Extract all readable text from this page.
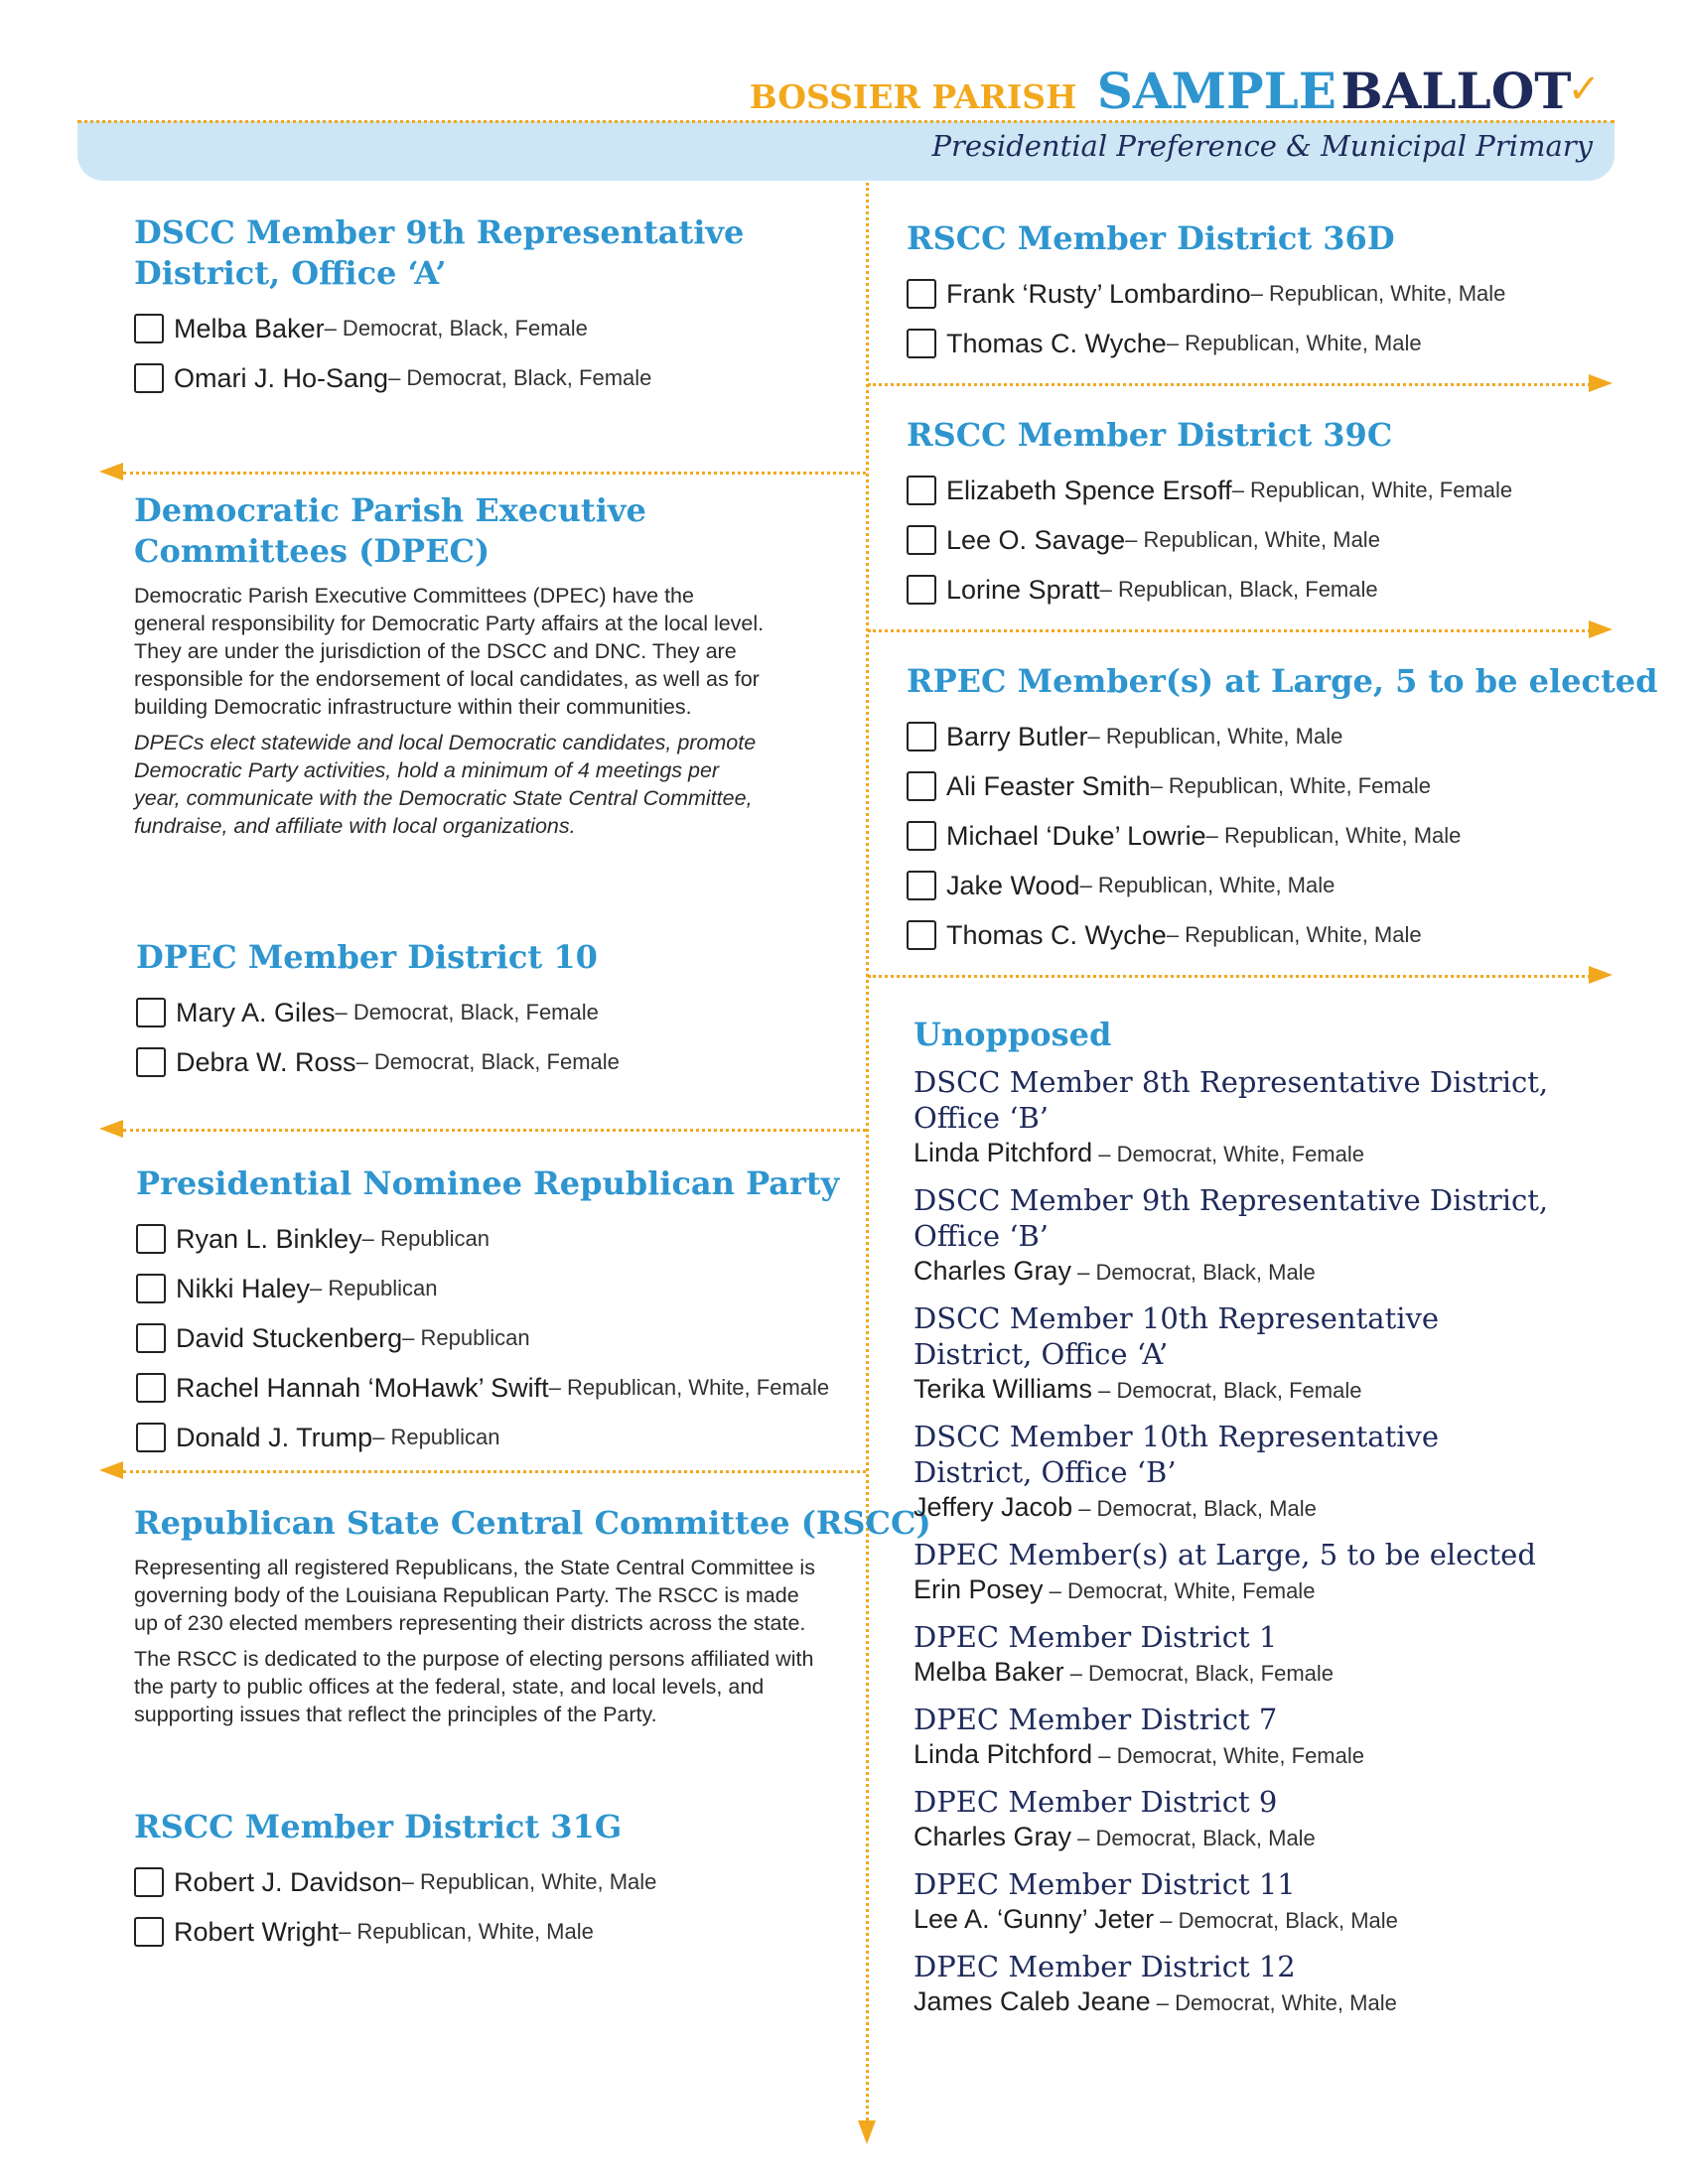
BOSSIER PARISH SAMPLE BALLOT✓
Presidential Preference & Municipal Primary
DSCC Member 9th Representative District, Office ‘A’
Melba Baker – Democrat, Black, Female
Omari J. Ho-Sang – Democrat, Black, Female
Democratic Parish Executive Committees (DPEC)

Democratic Parish Executive Committees (DPEC) have the general responsibility for Democratic Party affairs at the local level. They are under the jurisdiction of the DSCC and DNC. They are responsible for the endorsement of local candidates, as well as for building Democratic infrastructure within their communities.

DPECs elect statewide and local Democratic candidates, promote Democratic Party activities, hold a minimum of 4 meetings per year, communicate with the Democratic State Central Committee, fundraise, and affiliate with local organizations.

DPEC Member District 10
Mary A. Giles – Democrat, Black, Female
Debra W. Ross – Democrat, Black, Female
Presidential Nominee Republican Party
Ryan L. Binkley – Republican
Nikki Haley – Republican
David Stuckenberg – Republican
Rachel Hannah ‘MoHawk’ Swift – Republican, White, Female
Donald J. Trump – Republican
Republican State Central Committee (RSCC)

Representing all registered Republicans, the State Central Committee is governing body of the Louisiana Republican Party. The RSCC is made up of 230 elected members representing their districts across the state.

The RSCC is dedicated to the purpose of electing persons affiliated with the party to public offices at the federal, state, and local levels, and supporting issues that reflect the principles of the Party.

RSCC Member District 31G
Robert J. Davidson – Republican, White, Male
Robert Wright – Republican, White, Male
RSCC Member District 36D
Frank ‘Rusty’ Lombardino – Republican, White, Male
Thomas C. Wyche – Republican, White, Male
RSCC Member District 39C
Elizabeth Spence Ersoff – Republican, White, Female
Lee O. Savage – Republican, White, Male
Lorine Spratt – Republican, Black, Female
RPEC Member(s) at Large, 5 to be elected
Barry Butler – Republican, White, Male
Ali Feaster Smith – Republican, White, Female
Michael ‘Duke’ Lowrie – Republican, White, Male
Jake Wood – Republican, White, Male
Thomas C. Wyche – Republican, White, Male
Unopposed
DSCC Member 8th Representative District, Office ‘B’
Linda Pitchford – Democrat, White, Female
DSCC Member 9th Representative District, Office ‘B’
Charles Gray – Democrat, Black, Male
DSCC Member 10th Representative District, Office ‘A’
Terika Williams – Democrat, Black, Female
DSCC Member 10th Representative District, Office ‘B’
Jeffery Jacob – Democrat, Black, Male
DPEC Member(s) at Large, 5 to be elected
Erin Posey – Democrat, White, Female
DPEC Member District 1
Melba Baker – Democrat, Black, Female
DPEC Member District 7
Linda Pitchford – Democrat, White, Female
DPEC Member District 9
Charles Gray – Democrat, Black, Male
DPEC Member District 11
Lee A. ‘Gunny’ Jeter – Democrat, Black, Male
DPEC Member District 12
James Caleb Jeane – Democrat, White, Male
